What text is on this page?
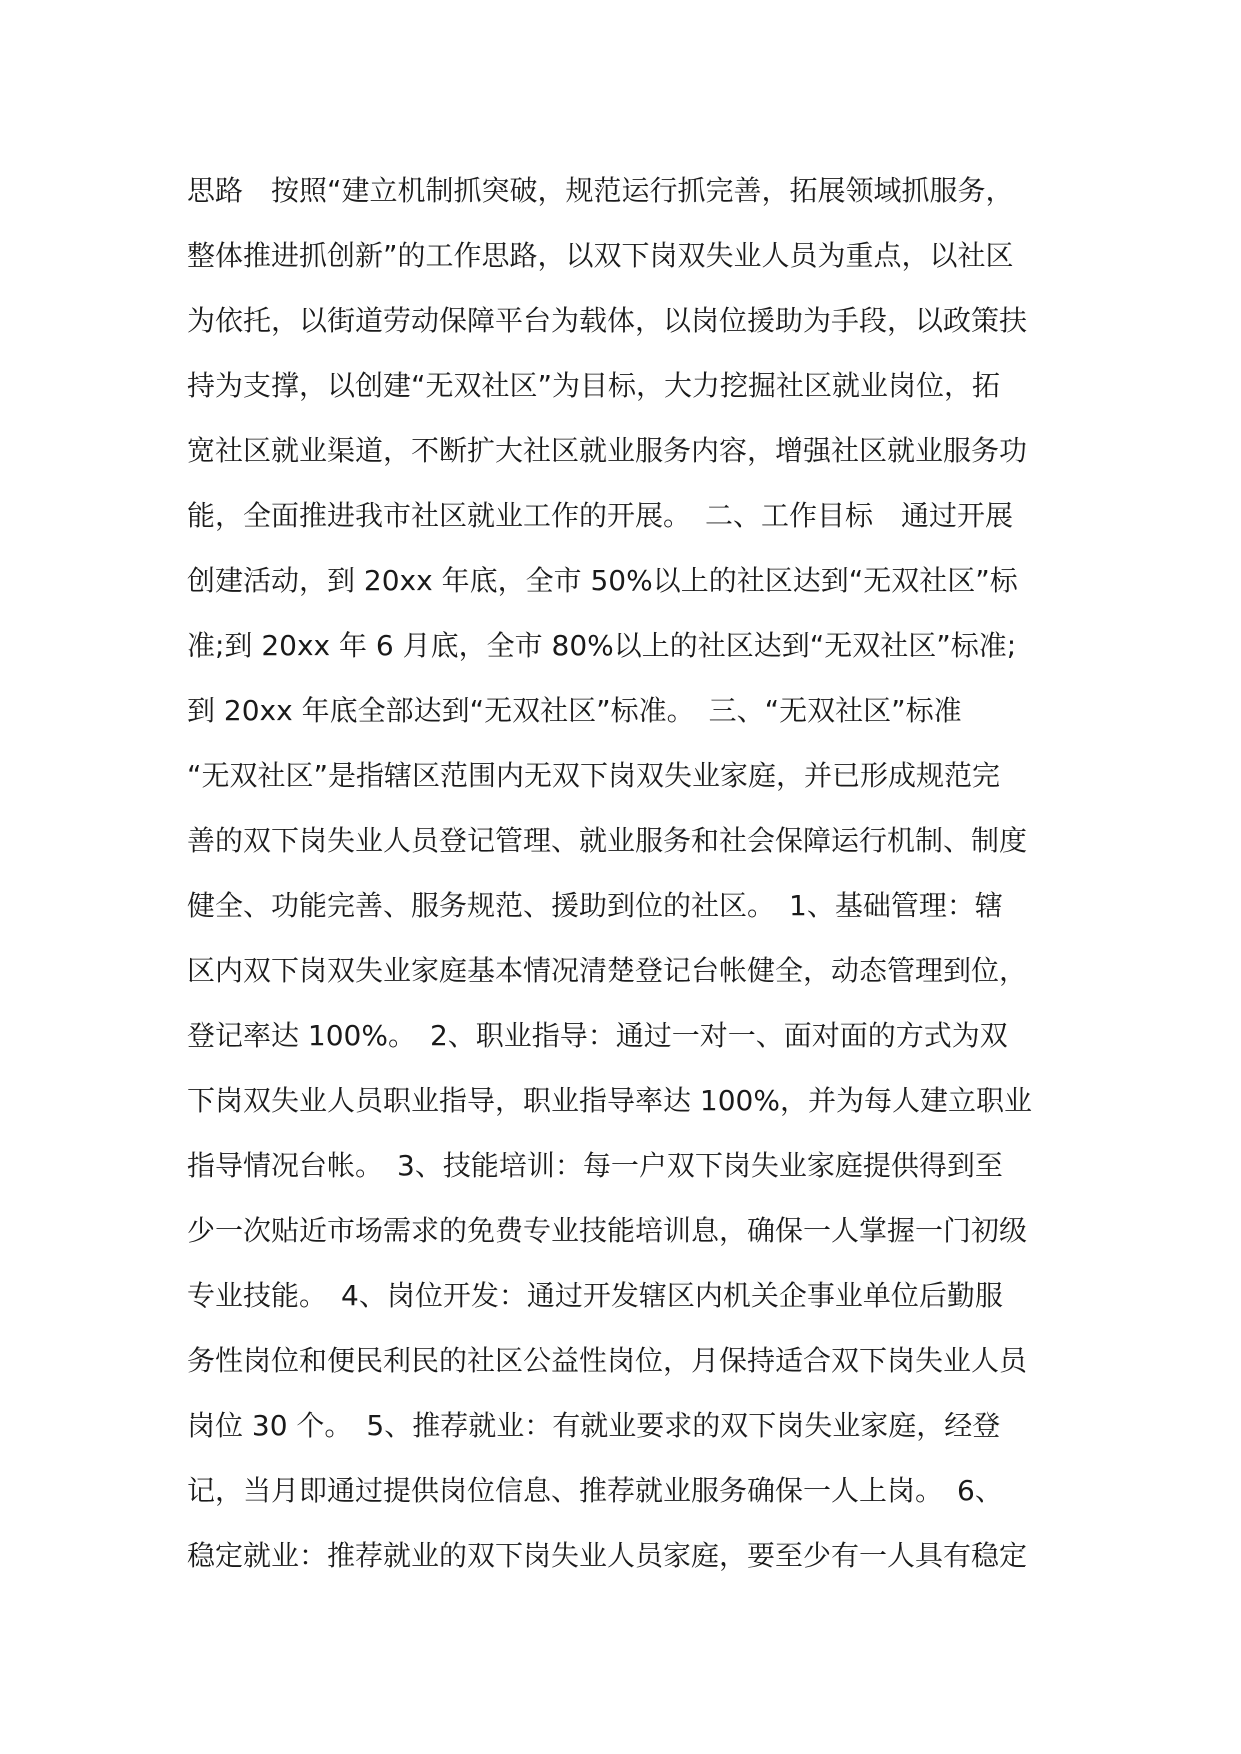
思路　按照“建立机制抓突破，规范运行抓完善，拓展领域抓服务，
整体推进抓创新”的工作思路，以双下岗双失业人员为重点，以社区
为依托，以街道劳动保障平台为载体，以岗位援助为手段，以政策扶
持为支撑，以创建“无双社区”为目标，大力挖掘社区就业岗位，拓
宽社区就业渠道，不断扩大社区就业服务内容，增强社区就业服务功
能，全面推进我市社区就业工作的开展。　二、工作目标　通过开展
创建活动，到 20xx 年底，全市 50%以上的社区达到“无双社区”标
准;到 20xx 年 6 月底，全市 80%以上的社区达到“无双社区”标准;
到 20xx 年底全部达到“无双社区”标准。　三、“无双社区”标准
“无双社区”是指辖区范围内无双下岗双失业家庭，并已形成规范完
善的双下岗失业人员登记管理、就业服务和社会保障运行机制、制度
健全、功能完善、服务规范、援助到位的社区。　1、基础管理：辖
区内双下岗双失业家庭基本情况清楚登记台帐健全，动态管理到位，
登记率达 100%。　2、职业指导：通过一对一、面对面的方式为双
下岗双失业人员职业指导，职业指导率达 100%，并为每人建立职业
指导情况台帐。　3、技能培训：每一户双下岗失业家庭提供得到至
少一次贴近市场需求的免费专业技能培训息，确保一人掌握一门初级
专业技能。　4、岗位开发：通过开发辖区内机关企事业单位后勤服
务性岗位和便民利民的社区公益性岗位，月保持适合双下岗失业人员
岗位 30 个。　5、推荐就业：有就业要求的双下岗失业家庭，经登
记，当月即通过提供岗位信息、推荐就业服务确保一人上岗。　6、
稳定就业：推荐就业的双下岗失业人员家庭，要至少有一人具有稳定
